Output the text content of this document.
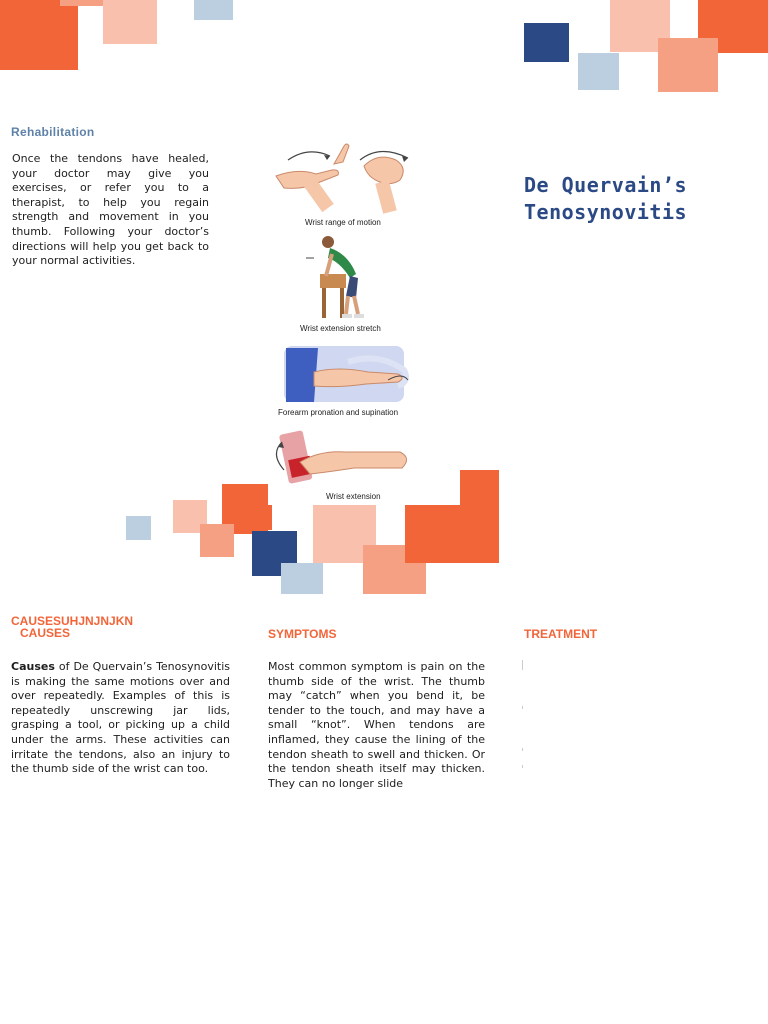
Rehabilitation
Once the tendons have healed, your doctor may give you exercises, or refer you to a therapist, to help you regain strength and movement in you thumb. Following your doctor’s directions will help you get back to your normal activities.
Wrist range of motion
Wrist extension stretch
Forearm pronation and supination
Wrist extension
De Quervain’s Tenosynovitis
CAUSESUHJNJNJKN
CAUSES
Causes of De Quervain’s Tenosynovitis is making the same motions over and over repeatedly. Examples of this is repeatedly unscrewing jar lids, grasping a tool, or picking up a child under the arms. These activities can irritate the tendons, also an injury to the thumb side of the wrist can too.
SYMPTOMS
Most common symptom is pain on the thumb side of the wrist. The thumb may “catch” when you bend it, be tender to the touch, and may have a small “knot”. When tendons are inflamed, they cause the lining of the tendon sheath to swell and thicken. Or the tendon sheath itself may thicken. They can no longer slide
TREATMENT
